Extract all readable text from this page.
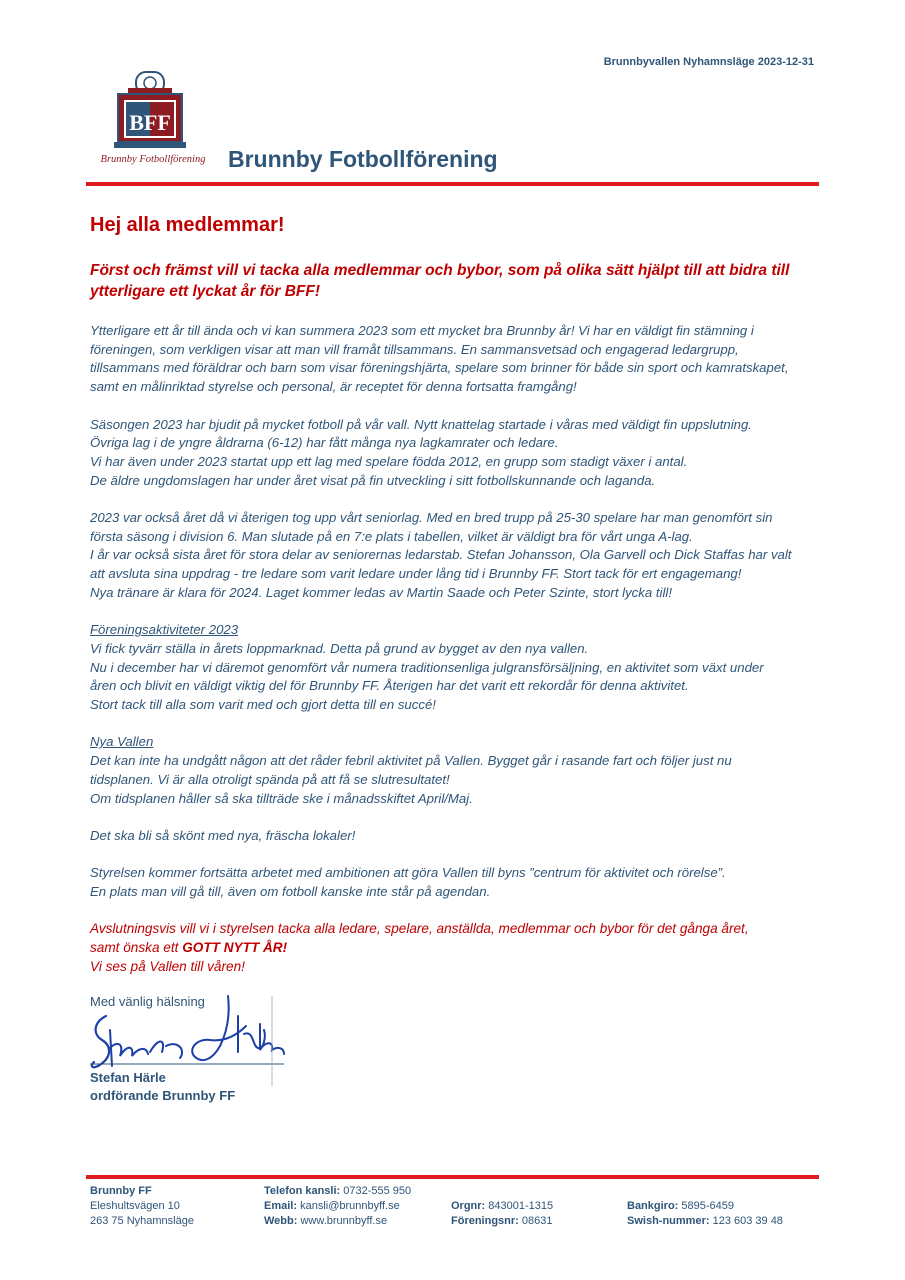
Brunnbyvallen Nyhamnsläge 2023-12-31
BFF
Brunnby Fotbollförening Brunnby Fotbollförening
Hej alla medlemmar!
Först och främst vill vi tacka alla medlemmar och bybor, som på olika sätt hjälpt till att bidra till ytterligare ett lyckat år för BFF!

Ytterligare ett år till ända och vi kan summera 2023 som ett mycket bra Brunnby år! Vi har en väldigt fin stämning i
föreningen, som verkligen visar att man vill framåt tillsammans. En sammansvetsad och engagerad ledargrupp,
tillsammans med föräldrar och barn som visar föreningshjärta, spelare som brinner för både sin sport och kamratskapet,
samt en målinriktad styrelse och personal, är receptet för denna fortsatta framgång!

Säsongen 2023 har bjudit på mycket fotboll på vår vall. Nytt knattelag startade i våras med väldigt fin uppslutning.
Övriga lag i de yngre åldrarna (6-12) har fått många nya lagkamrater och ledare.
Vi har även under 2023 startat upp ett lag med spelare födda 2012, en grupp som stadigt växer i antal.
De äldre ungdomslagen har under året visat på fin utveckling i sitt fotbollskunnande och laganda.

2023 var också året då vi återigen tog upp vårt seniorlag. Med en bred trupp på 25-30 spelare har man genomfört sin
första säsong i division 6. Man slutade på en 7:e plats i tabellen, vilket är väldigt bra för vårt unga A-lag.
I år var också sista året för stora delar av seniorernas ledarstab. Stefan Johansson, Ola Garvell och Dick Staffas har valt
att avsluta sina uppdrag - tre ledare som varit ledare under lång tid i Brunnby FF. Stort tack för ert engagemang!
Nya tränare är klara för 2024. Laget kommer ledas av Martin Saade och Peter Szinte, stort lycka till!

Föreningsaktiviteter 2023
Vi fick tyvärr ställa in årets loppmarknad. Detta på grund av bygget av den nya vallen.
Nu i december har vi däremot genomfört vår numera traditionsenliga julgransförsäljning, en aktivitet som växt under
åren och blivit en väldigt viktig del för Brunnby FF. Återigen har det varit ett rekordår för denna aktivitet.
Stort tack till alla som varit med och gjort detta till en succé!

Nya Vallen
Det kan inte ha undgått någon att det råder febril aktivitet på Vallen. Bygget går i rasande fart och följer just nu
tidsplanen. Vi är alla otroligt spända på att få se slutresultatet!
Om tidsplanen håller så ska tillträde ske i månadsskiftet April/Maj.

Det ska bli så skönt med nya, fräscha lokaler!

Styrelsen kommer fortsätta arbetet med ambitionen att göra Vallen till byns ”centrum för aktivitet och rörelse”.
En plats man vill gå till, även om fotboll kanske inte står på agendan.

Avslutningsvis vill vi i styrelsen tacka alla ledare, spelare, anställda, medlemmar och bybor för det gånga året,
samt önska ett GOTT NYTT ÅR!
Vi ses på Vallen till våren!

Med vänlig hälsning
Stefan Härle
ordförande Brunnby FF
Brunnby FF
Eleshultsvägen 10
263 75 Nyhamnsläge
Telefon kansli: 0732-555 950
Email: kansli@brunnbyff.se
Webb: www.brunnbyff.se
Orgnr: 843001-1315
Föreningsnr: 08631
Bankgiro: 5895-6459
Swish-nummer: 123 603 39 48
